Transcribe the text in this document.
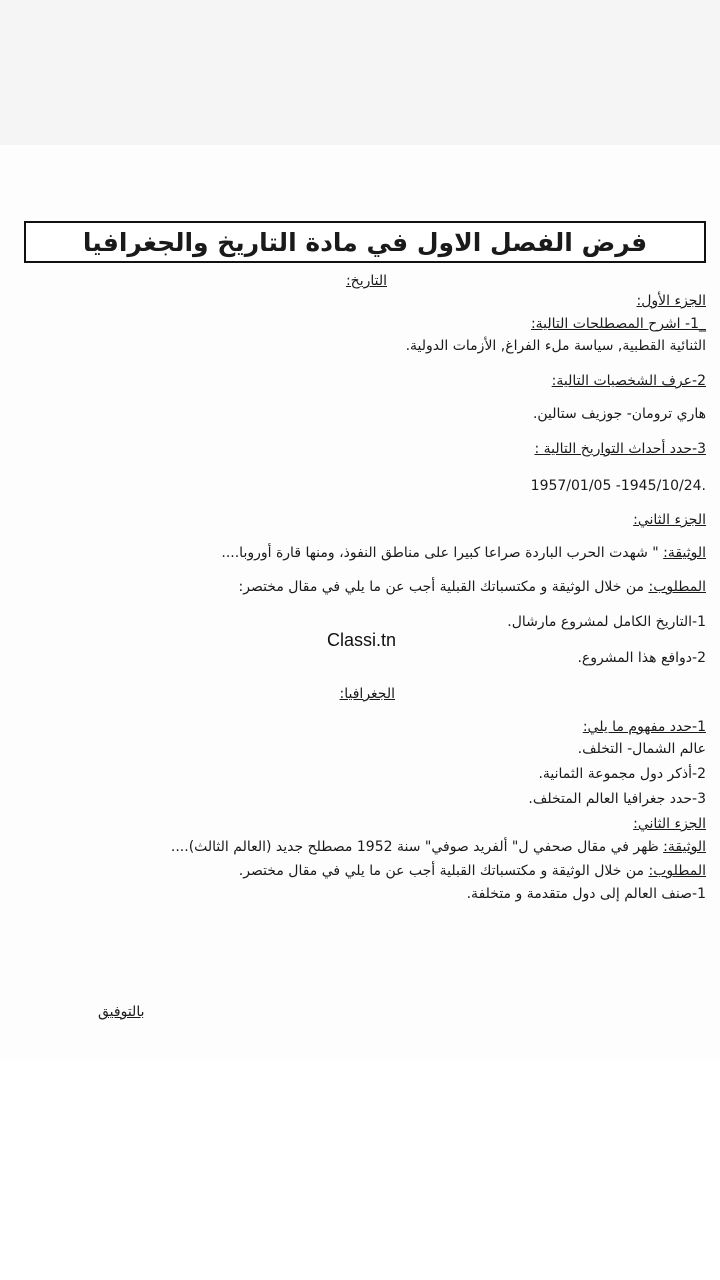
فرض الفصل الاول في مادة التاريخ والجغرافيا
التاريخ:
الجزء الأول:
_1- اشرح المصطلحات التالية:
الثنائية القطبية, سياسة ملء الفراغ, الأزمات الدولية.
2-عرف الشخصيات التالية:
هاري ترومان- جوزيف ستالين.
3-حدد أحداث التواريخ التالية :
1957/01/05 -1945/10/24.
الجزء الثاني:
الوثيقة: " شهدت الحرب الباردة صراعا كبيرا على مناطق النفوذ، ومنها قارة أوروبا....
المطلوب: من خلال الوثيقة و مكتسباتك القبلية أجب عن ما يلي في مقال مختصر:
1-التاريخ الكامل لمشروع مارشال.
Classi.tn
2-دوافع هذا المشروع.
الجغرافيا:
1-حدد مفهوم ما يلي:
عالم الشمال- التخلف.
2-أذكر دول مجموعة الثمانية.
3-حدد جغرافيا العالم المتخلف.
الجزء الثاني:
الوثيقة: ظهر في مقال صحفي ل" ألفريد صوفي" سنة 1952 مصطلح جديد (العالم الثالث)....
المطلوب: من خلال الوثيقة و مكتسباتك القبلية أجب عن ما يلي في مقال مختصر.
1-صنف العالم إلى دول متقدمة و متخلفة.
بالتوفيق
